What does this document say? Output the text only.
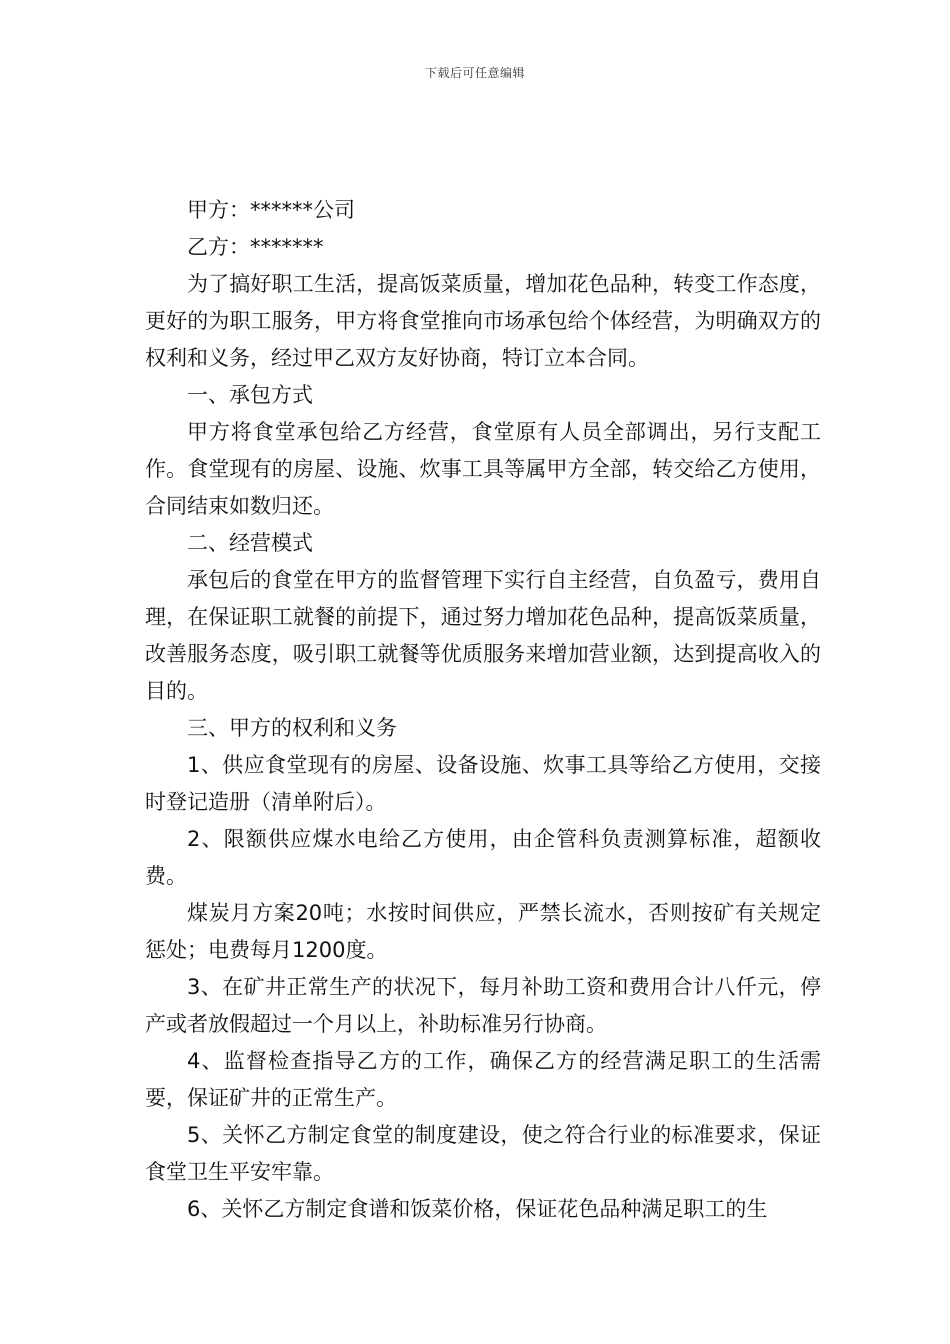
下载后可任意编辑

甲方：******公司

乙方：*******

为了搞好职工生活，提高饭菜质量，增加花色品种，转变工作态度，更好的为职工服务，甲方将食堂推向市场承包给个体经营，为明确双方的权利和义务，经过甲乙双方友好协商，特订立本合同。

一、承包方式

甲方将食堂承包给乙方经营，食堂原有人员全部调出，另行支配工作。食堂现有的房屋、设施、炊事工具等属甲方全部，转交给乙方使用，合同结束如数归还。

二、经营模式

承包后的食堂在甲方的监督管理下实行自主经营，自负盈亏，费用自理，在保证职工就餐的前提下，通过努力增加花色品种，提高饭菜质量，改善服务态度，吸引职工就餐等优质服务来增加营业额，达到提高收入的目的。

三、甲方的权利和义务

1、供应食堂现有的房屋、设备设施、炊事工具等给乙方使用，交接时登记造册（清单附后）。

2、限额供应煤水电给乙方使用，由企管科负责测算标准，超额收费。

煤炭月方案20吨；水按时间供应，严禁长流水，否则按矿有关规定惩处；电费每月1200度。

3、在矿井正常生产的状况下，每月补助工资和费用合计八仟元，停产或者放假超过一个月以上，补助标准另行协商。

4、监督检查指导乙方的工作，确保乙方的经营满足职工的生活需要，保证矿井的正常生产。

5、关怀乙方制定食堂的制度建设，使之符合行业的标准要求，保证食堂卫生平安牢靠。

6、关怀乙方制定食谱和饭菜价格，保证花色品种满足职工的生
